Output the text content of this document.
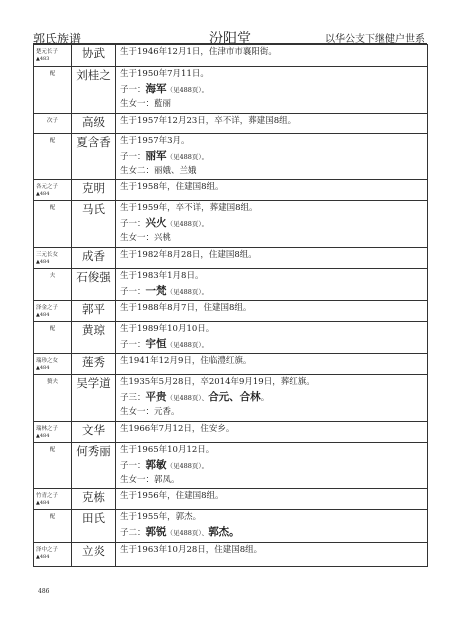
郭氏族谱	汾阳堂	以华公支下继健户世系
楚元长子
▲483	协武	生于1946年12月1日，住津市市襄阳街。

配	刘桂之	生于1950年7月11日。
子一：海军（见488页）。
生女一：藍丽

次子	高级	生于1957年12月23日，卒不详，葬建国8组。

配	夏含香	生于1957年3月。
子一：丽军（见488页）。
生女二：丽娥、兰娥

各元之子
▲484	克明	生于1958年，住建国8组。

配	马氏	生于1959年，卒不详，葬建国8组。
子一：兴火（见488页）。
生女一：兴桃

三元长女
▲484	成香	生于1982年8月28日，住建国8组。

夫	石俊强	生于1983年1月8日。
子一：一梵（见488页）。

泽金之子
▲484	郭平	生于1988年8月7日，住建国8组。

配	黄琼	生于1989年10月10日。
子一：宇恒（见488页）。

瑞珍之女
▲484	莲秀	生1941年12月9日，住临澧红旗。

赘夫	吴学道	生1935年5月28日，卒2014年9月19日，葬红旗。
子三：平贵（见488页）、合元、合林。
生女一：元香。

瑞林之子
▲484	文华	生1966年7月12日，住安乡。

配	何秀丽	生于1965年10月12日。
子一：郭敏（见488页）。
生女一：郭凤。

竹青之子
▲484	克栋	生于1956年，住建国8组。

配	田氏	生于1955年，郭杰。
子二：郭锐（见488页）、郭杰。

泽中之子
▲484	立炎	生于1963年10月28日，住建国8组。
486
